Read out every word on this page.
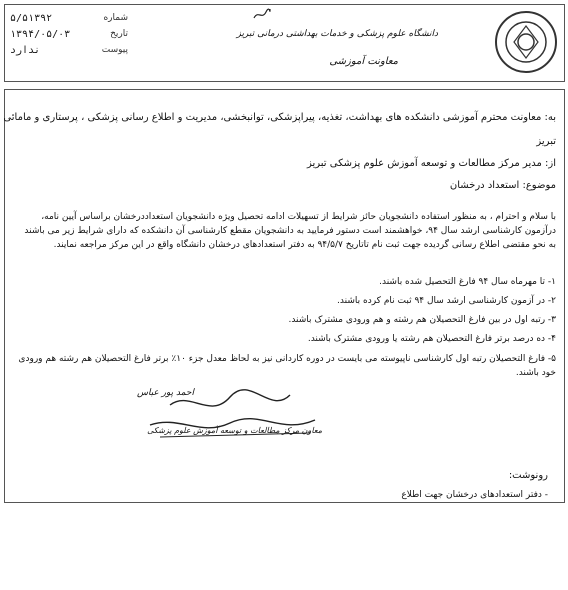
شماره
۵/۵۱۳۹۲
تاریخ
۱۳۹۴/۰۵/۰۳
پیوست
ندارد
دانشگاه علوم پزشکی و خدمات بهداشتی درمانی تبریز
معاونت آموزشی
به: معاونت محترم آموزشی دانشکده های بهداشت، تغذیه، پیراپزشکی، توانبخشی، مدیریت و اطلاع رسانی پزشکی ، پرستاری و مامائی
تبریز
از: مدیر مرکز مطالعات و توسعه آموزش علوم پزشکی تبریز
موضوع: استعداد درخشان
با سلام و احترام ، به منظور استفاده دانشجویان حائز شرایط از تسهیلات ادامه تحصیل ویژه دانشجویان استعداددرخشان براساس آیین نامه، درآزمون کارشناسی ارشد سال ۹۴، خواهشمند است دستور فرمایید به دانشجویان مقطع کارشناسی آن دانشکده که دارای شرایط زیر می باشند به نحو مقتضی اطلاع رسانی گردیده جهت ثبت نام تاتاریخ ۹۴/۵/۷ به دفتر استعدادهای درخشان دانشگاه واقع در این مرکز مراجعه نمایند.
۱- تا مهرماه سال ۹۴ فارغ التحصیل شده باشند.
۲- در آزمون کارشناسی ارشد سال ۹۴ ثبت نام کرده باشند.
۳- رتبه اول در بین فارغ التحصیلان هم رشته و هم ورودی مشترک باشند.
۴- ده درصد برتر فارغ التحصیلان هم رشته یا ورودی مشترک باشند.
۵- فارغ التحصیلان رتبه اول کارشناسی ناپیوسته می بایست در دوره کاردانی نیز به لحاظ معدل جزء ۱۰٪ برتر فارغ التحصیلان هم رشته هم ورودی خود باشند.
احمد پور عباس
معاون مرکز مطالعات و توسعه آموزش علوم پزشکی
رونوشت:
- دفتر استعدادهای درخشان جهت اطلاع
